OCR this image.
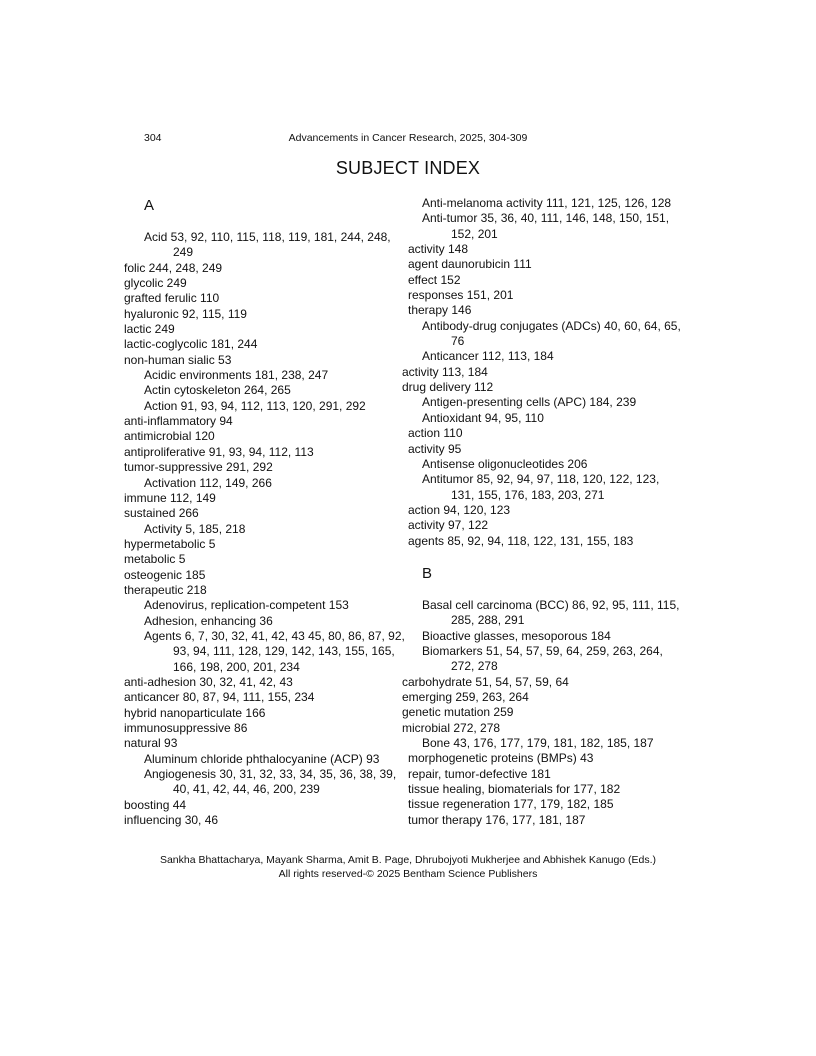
304	Advancements in Cancer Research, 2025, 304-309
SUBJECT INDEX
A
Acid 53, 92, 110, 115, 118, 119, 181, 244, 248, 249
folic 244, 248, 249
glycolic 249
grafted ferulic 110
hyaluronic 92, 115, 119
lactic 249
lactic-coglycolic 181, 244
non-human sialic 53
Acidic environments 181, 238, 247
Actin cytoskeleton 264, 265
Action 91, 93, 94, 112, 113, 120, 291, 292
anti-inflammatory 94
antimicrobial 120
antiproliferative 91, 93, 94, 112, 113
tumor-suppressive 291, 292
Activation 112, 149, 266
immune 112, 149
sustained 266
Activity 5, 185, 218
hypermetabolic 5
metabolic 5
osteogenic 185
therapeutic 218
Adenovirus, replication-competent 153
Adhesion, enhancing 36
Agents 6, 7, 30, 32, 41, 42, 43 45, 80, 86, 87, 92, 93, 94, 111, 128, 129, 142, 143, 155, 165, 166, 198, 200, 201, 234
anti-adhesion 30, 32, 41, 42, 43
anticancer 80, 87, 94, 111, 155, 234
hybrid nanoparticulate 166
immunosuppressive 86
natural 93
Aluminum chloride phthalocyanine (ACP) 93
Angiogenesis 30, 31, 32, 33, 34, 35, 36, 38, 39, 40, 41, 42, 44, 46, 200, 239
boosting 44
influencing 30, 46
Anti-melanoma activity 111, 121, 125, 126, 128
Anti-tumor 35, 36, 40, 111, 146, 148, 150, 151, 152, 201
activity 148
agent daunorubicin 111
effect 152
responses 151, 201
therapy 146
Antibody-drug conjugates (ADCs) 40, 60, 64, 65, 76
Anticancer 112, 113, 184
activity 113, 184
drug delivery 112
Antigen-presenting cells (APC) 184, 239
Antioxidant 94, 95, 110
action 110
activity 95
Antisense oligonucleotides 206
Antitumor 85, 92, 94, 97, 118, 120, 122, 123, 131, 155, 176, 183, 203, 271
action 94, 120, 123
activity 97, 122
agents 85, 92, 94, 118, 122, 131, 155, 183
B
Basal cell carcinoma (BCC) 86, 92, 95, 111, 115, 285, 288, 291
Bioactive glasses, mesoporous 184
Biomarkers 51, 54, 57, 59, 64, 259, 263, 264, 272, 278
carbohydrate 51, 54, 57, 59, 64
emerging 259, 263, 264
genetic mutation 259
microbial 272, 278
Bone 43, 176, 177, 179, 181, 182, 185, 187
morphogenetic proteins (BMPs) 43
repair, tumor-defective 181
tissue healing, biomaterials for 177, 182
tissue regeneration 177, 179, 182, 185
tumor therapy 176, 177, 181, 187
Sankha Bhattacharya, Mayank Sharma, Amit B. Page, Dhrubojyoti Mukherjee and Abhishek Kanugo (Eds.)
All rights reserved-© 2025 Bentham Science Publishers
